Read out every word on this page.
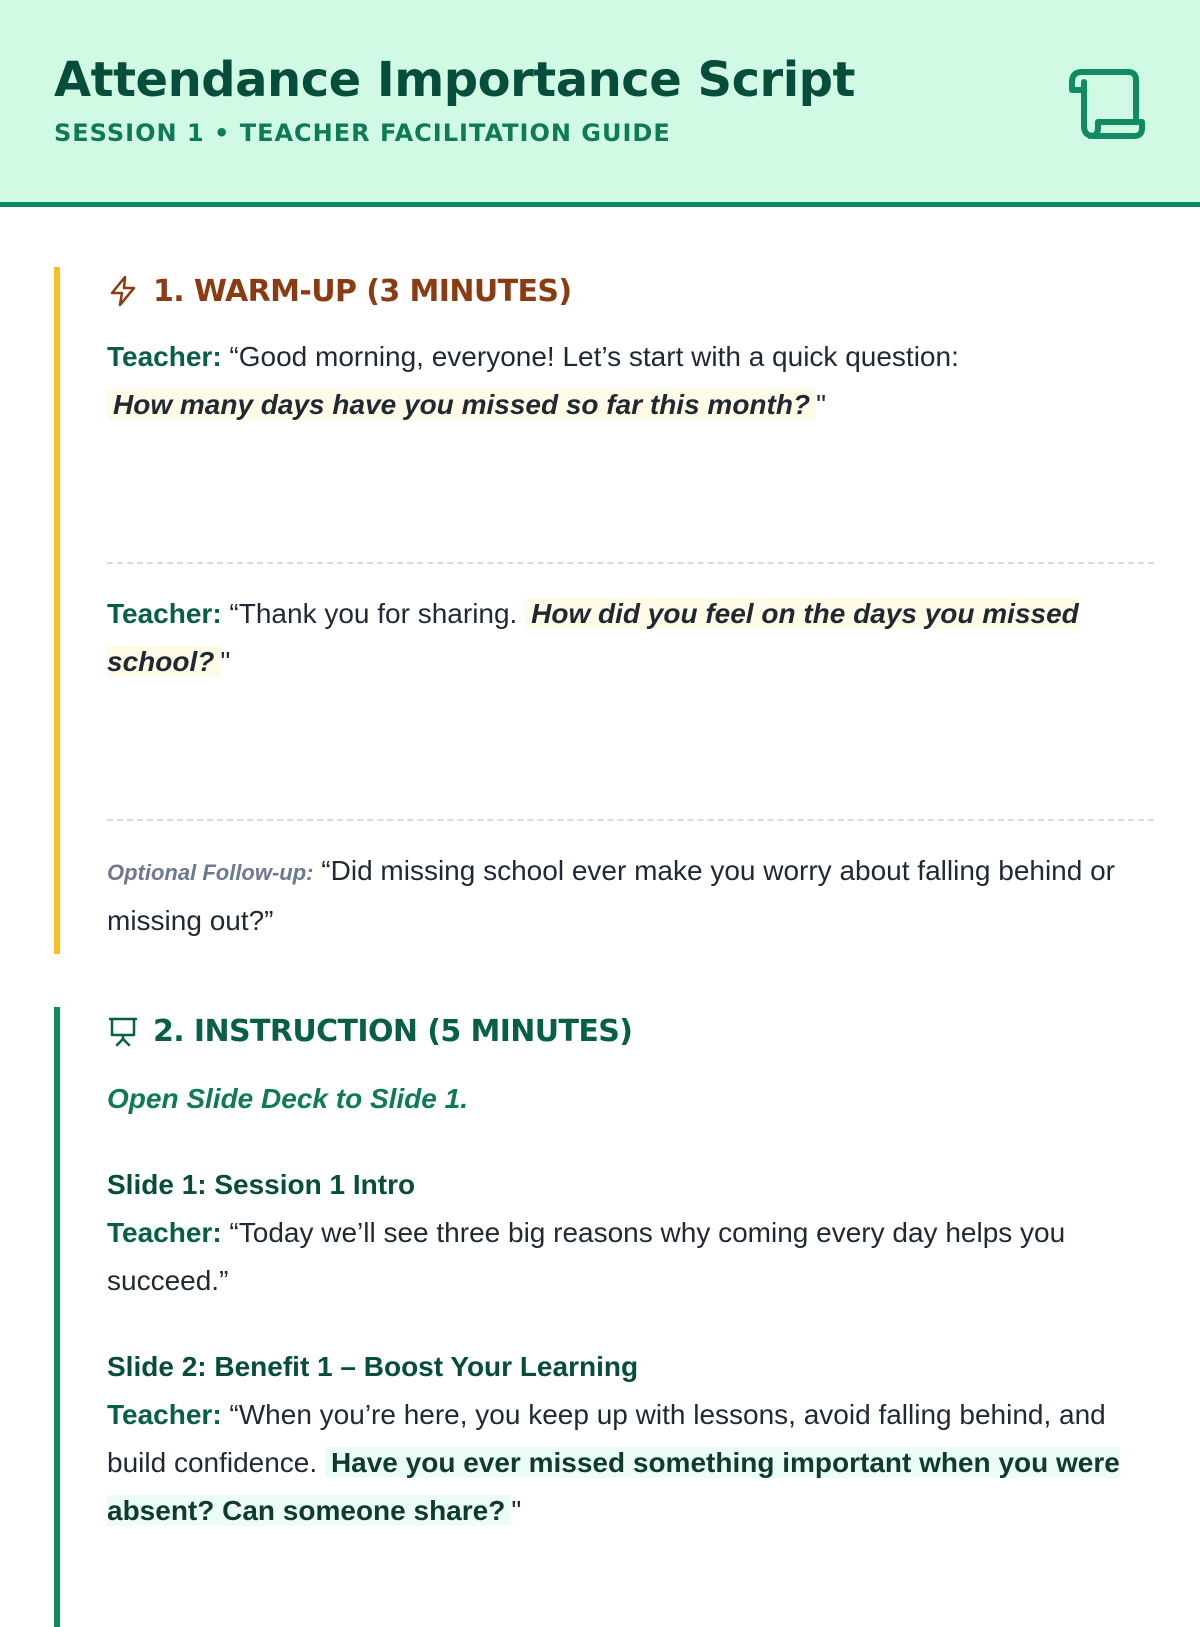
Attendance Importance Script
SESSION 1 • TEACHER FACILITATION GUIDE
1. WARM-UP (3 MINUTES)

Teacher: “Good morning, everyone! Let’s start with a quick question:
How many days have you missed so far this month? "

Teacher: “Thank you for sharing. How did you feel on the days you missed school? "

Optional Follow-up: “Did missing school ever make you worry about falling behind or missing out?”

2. INSTRUCTION (5 MINUTES)

Open Slide Deck to Slide 1.

Slide 1: Session 1 Intro

Teacher: “Today we’ll see three big reasons why coming every day helps you succeed.”

Slide 2: Benefit 1 – Boost Your Learning

Teacher: “When you’re here, you keep up with lessons, avoid falling behind, and build confidence. Have you ever missed something important when you were absent? Can someone share? "
